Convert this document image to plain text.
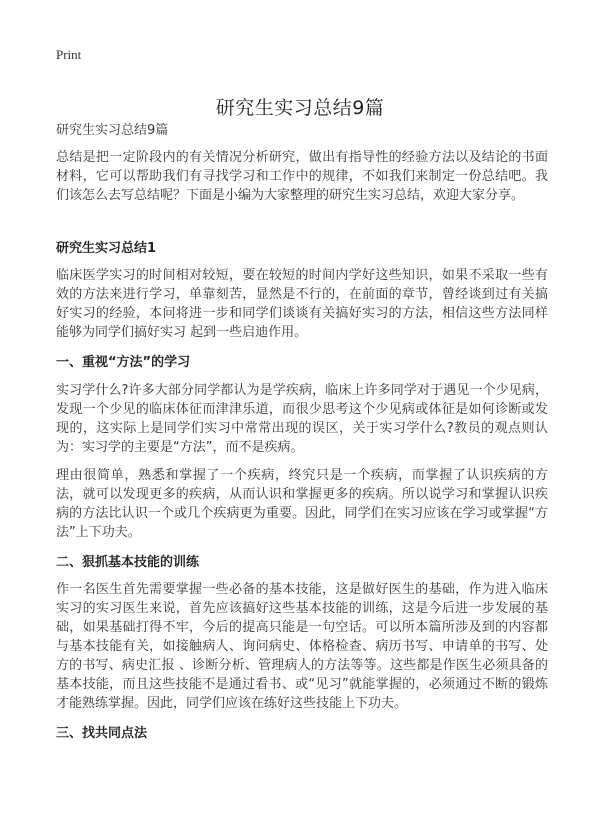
Print
研究生实习总结9篇
研究生实习总结9篇

总结是把一定阶段内的有关情况分析研究，做出有指导性的经验方法以及结论的书面材料，它可以帮助我们有寻找学习和工作中的规律，不如我们来制定一份总结吧。我们该怎么去写总结呢？下面是小编为大家整理的研究生实习总结，欢迎大家分享。

研究生实习总结1

临床医学实习的时间相对较短，要在较短的时间内学好这些知识，如果不采取一些有效的方法来进行学习，单靠刻苦，显然是不行的，在前面的章节，曾经谈到过有关搞好实习的经验，本问将进一步和同学们谈谈有关搞好实习的方法，相信这些方法同样能够为同学们搞好实习 起到一些启迪作用。

一、重视“方法”的学习

实习学什么?许多大部分同学都认为是学疾病，临床上许多同学对于遇见一个少见病，发现一个少见的临床体征而津津乐道，而很少思考这个少见病或体征是如何诊断或发现的，这实际上是同学们实习中常常出现的误区，关于实习学什么?教员的观点则认为：实习学的主要是“方法”，而不是疾病。

理由很简单，熟悉和掌握了一个疾病，终究只是一个疾病，而掌握了认识疾病的方法，就可以发现更多的疾病，从而认识和掌握更多的疾病。所以说学习和掌握认识疾病的方法比认识一个或几个疾病更为重要。因此，同学们在实习应该在学习或掌握“方法”上下功夫。

二、狠抓基本技能的训练

作一名医生首先需要掌握一些必备的基本技能，这是做好医生的基础，作为进入临床实习的实习医生来说，首先应该搞好这些基本技能的训练，这是今后进一步发展的基础，如果基础打得不牢，今后的提高只能是一句空话。可以所本篇所涉及到的内容都与基本技能有关，如接触病人、询问病史、体格检查、病历书写、申请单的书写、处方的书写、病史汇报 、诊断分析、管理病人的方法等等。这些都是作医生必须具备的基本技能，而且这些技能不是通过看书、或“见习”就能掌握的，必须通过不断的锻炼才能熟练掌握。因此，同学们应该在练好这些技能上下功夫。

三、找共同点法
